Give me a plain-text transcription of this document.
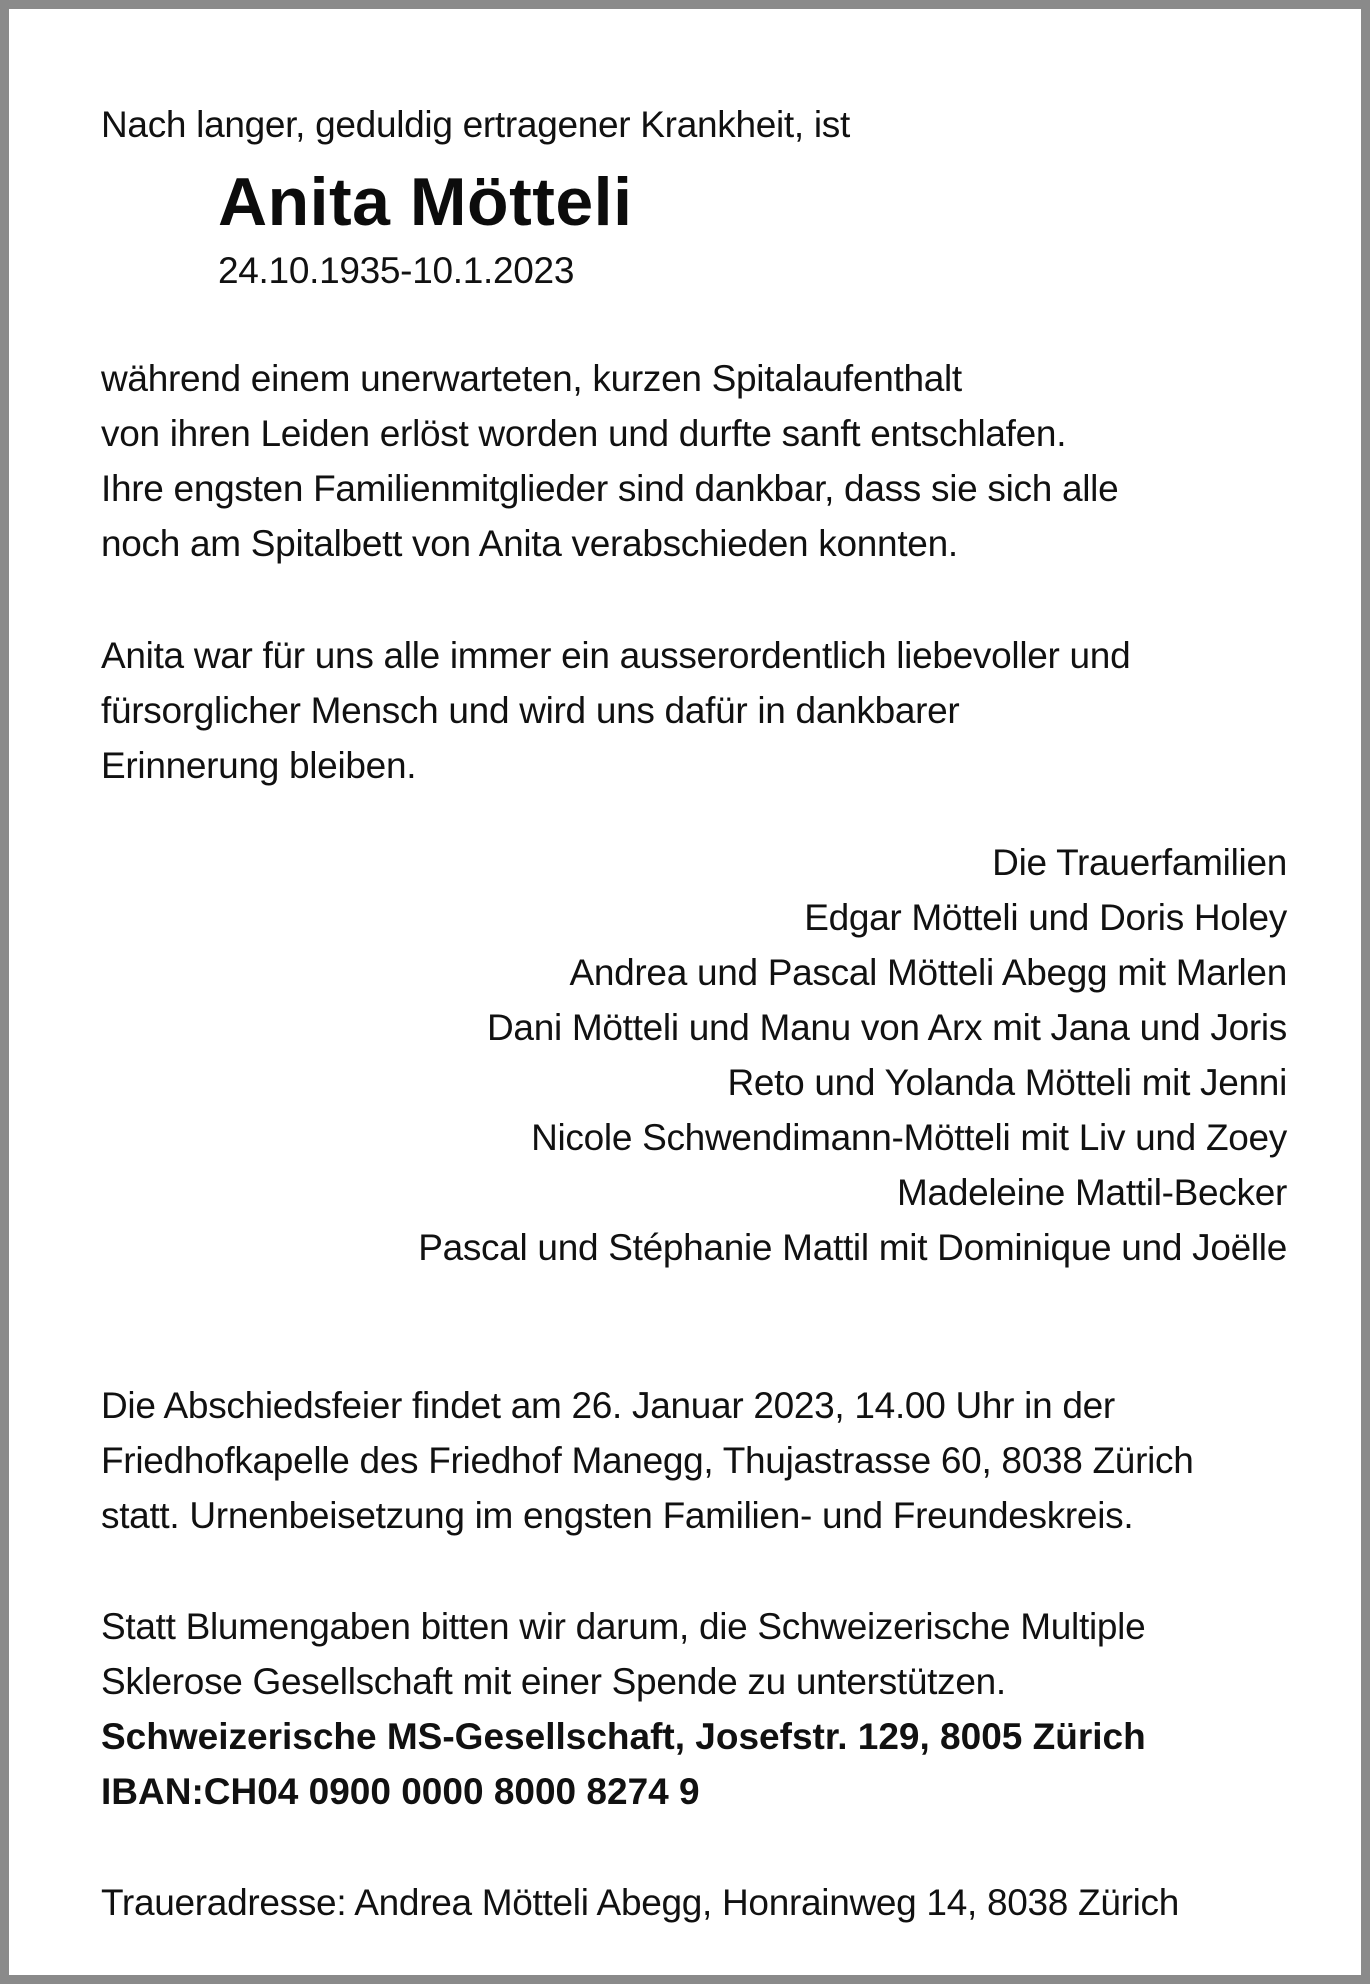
Nach langer, geduldig ertragener Krankheit, ist

Anita Mötteli
24.10.1935-10.1.2023
während einem unerwarteten, kurzen Spitalaufenthalt
von ihren Leiden erlöst worden und durfte sanft entschlafen.
Ihre engsten Familienmitglieder sind dankbar, dass sie sich alle
noch am Spitalbett von Anita verabschieden konnten.
Anita war für uns alle immer ein ausserordentlich liebevoller und
fürsorglicher Mensch und wird uns dafür in dankbarer
Erinnerung bleiben.
Die Trauerfamilien
Edgar Mötteli und Doris Holey
Andrea und Pascal Mötteli Abegg mit Marlen
Dani Mötteli und Manu von Arx mit Jana und Joris
Reto und Yolanda Mötteli mit Jenni
Nicole Schwendimann-Mötteli mit Liv und Zoey
Madeleine Mattil-Becker
Pascal und Stéphanie Mattil mit Dominique und Joëlle
Die Abschiedsfeier findet am 26. Januar 2023, 14.00 Uhr in der
Friedhofkapelle des Friedhof Manegg, Thujastrasse 60, 8038 Zürich
statt. Urnenbeisetzung im engsten Familien- und Freundeskreis.
Statt Blumengaben bitten wir darum, die Schweizerische Multiple
Sklerose Gesellschaft mit einer Spende zu unterstützen.
Schweizerische MS-Gesellschaft, Josefstr. 129, 8005 Zürich
IBAN:CH04 0900 0000 8000 8274 9
Traueradresse: Andrea Mötteli Abegg, Honrainweg 14, 8038 Zürich
